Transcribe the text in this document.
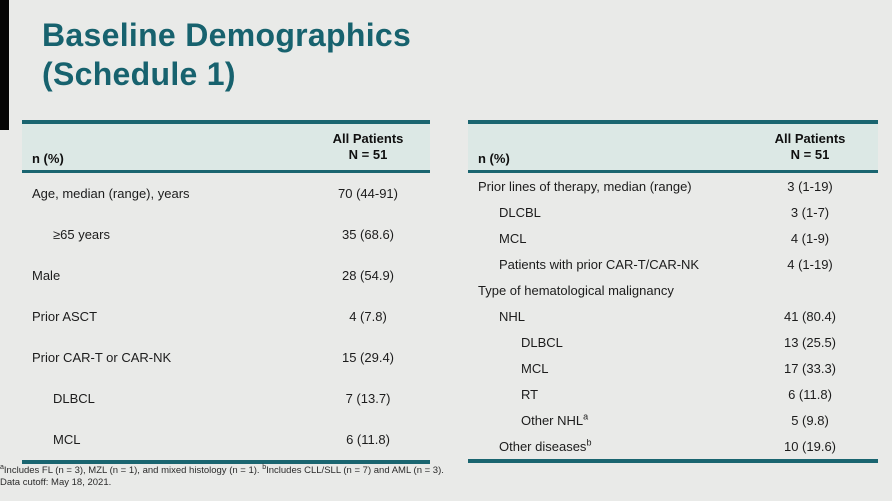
Baseline Demographics
(Schedule 1)
n (%)
All Patients
N = 51
Age, median (range), years	70 (44-91)
≥65 years	35 (68.6)
Male	28 (54.9)
Prior ASCT	4 (7.8)
Prior CAR-T or CAR-NK	15 (29.4)
DLBCL	7 (13.7)
MCL	6 (11.8)
n (%)
All Patients
N = 51
Prior lines of therapy, median (range)	3 (1-19)
DLCBL	3 (1-7)
MCL	4 (1-9)
Patients with prior CAR-T/CAR-NK	4 (1-19)
Type of hematological malignancy
NHL	41 (80.4)
DLBCL	13 (25.5)
MCL	17 (33.3)
RT	6 (11.8)
Other NHL$^a$	5 (9.8)
Other diseases$^b$	10 (19.6)
$^a$Includes FL (n = 3), MZL (n = 1), and mixed histology (n = 1). $^b$Includes CLL/SLL (n = 7) and AML (n = 3).
Data cutoff: May 18, 2021.
